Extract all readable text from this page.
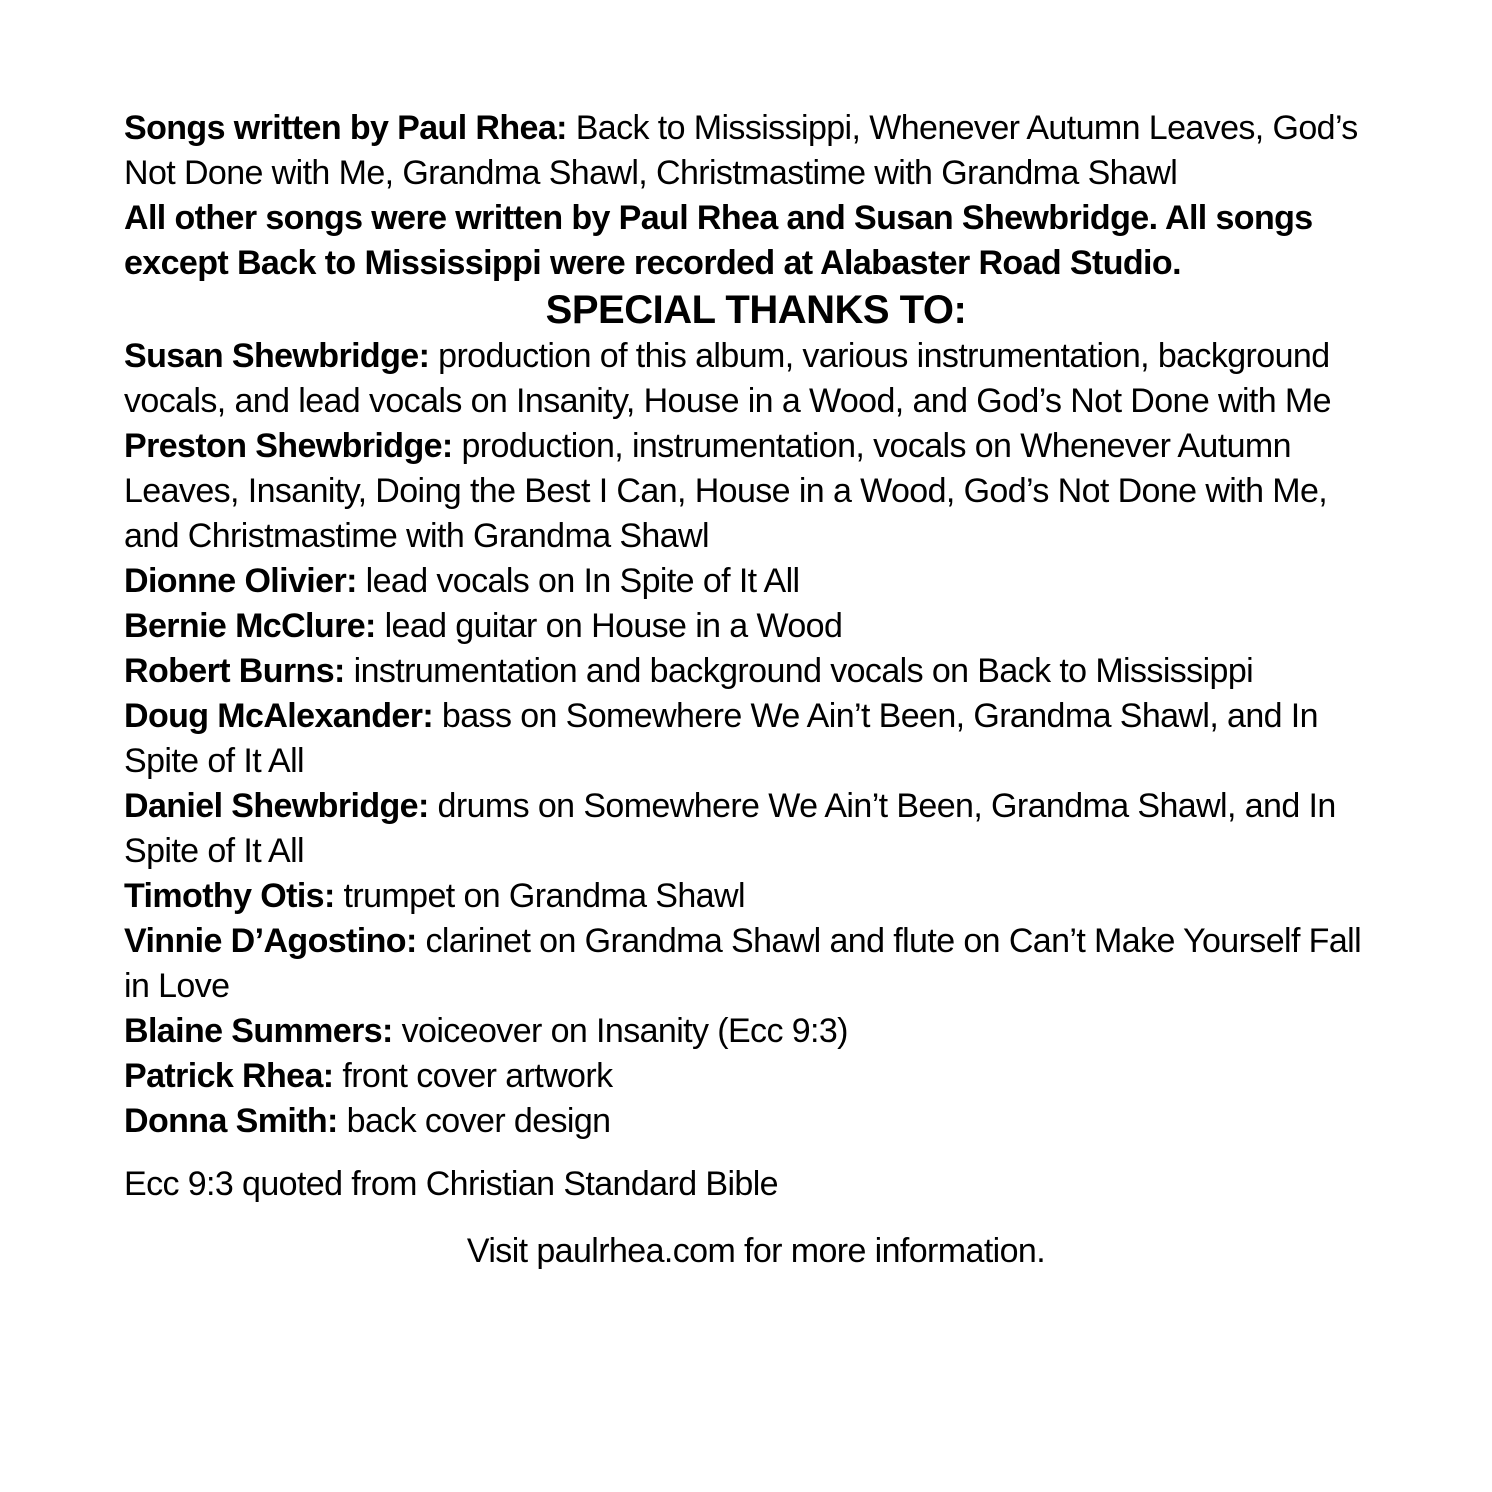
Songs written by Paul Rhea: Back to Mississippi, Whenever Autumn Leaves, God’s Not Done with Me, Grandma Shawl, Christmastime with Grandma Shawl

All other songs were written by Paul Rhea and Susan Shewbridge. All songs except Back to Mississippi were recorded at Alabaster Road Studio.

SPECIAL THANKS TO:

Susan Shewbridge: production of this album, various instrumentation, background vocals, and lead vocals on Insanity, House in a Wood, and God’s Not Done with Me

Preston Shewbridge: production, instrumentation, vocals on Whenever Autumn Leaves, Insanity, Doing the Best I Can, House in a Wood, God’s Not Done with Me, and Christmastime with Grandma Shawl

Dionne Olivier: lead vocals on In Spite of It All

Bernie McClure: lead guitar on House in a Wood

Robert Burns: instrumentation and background vocals on Back to Mississippi

Doug McAlexander: bass on Somewhere We Ain’t Been, Grandma Shawl, and In Spite of It All

Daniel Shewbridge: drums on Somewhere We Ain’t Been, Grandma Shawl, and In Spite of It All

Timothy Otis: trumpet on Grandma Shawl

Vinnie D’Agostino: clarinet on Grandma Shawl and flute on Can’t Make Yourself Fall in Love

Blaine Summers: voiceover on Insanity (Ecc 9:3)

Patrick Rhea: front cover artwork

Donna Smith: back cover design

Ecc 9:3 quoted from Christian Standard Bible

Visit paulrhea.com for more information.
